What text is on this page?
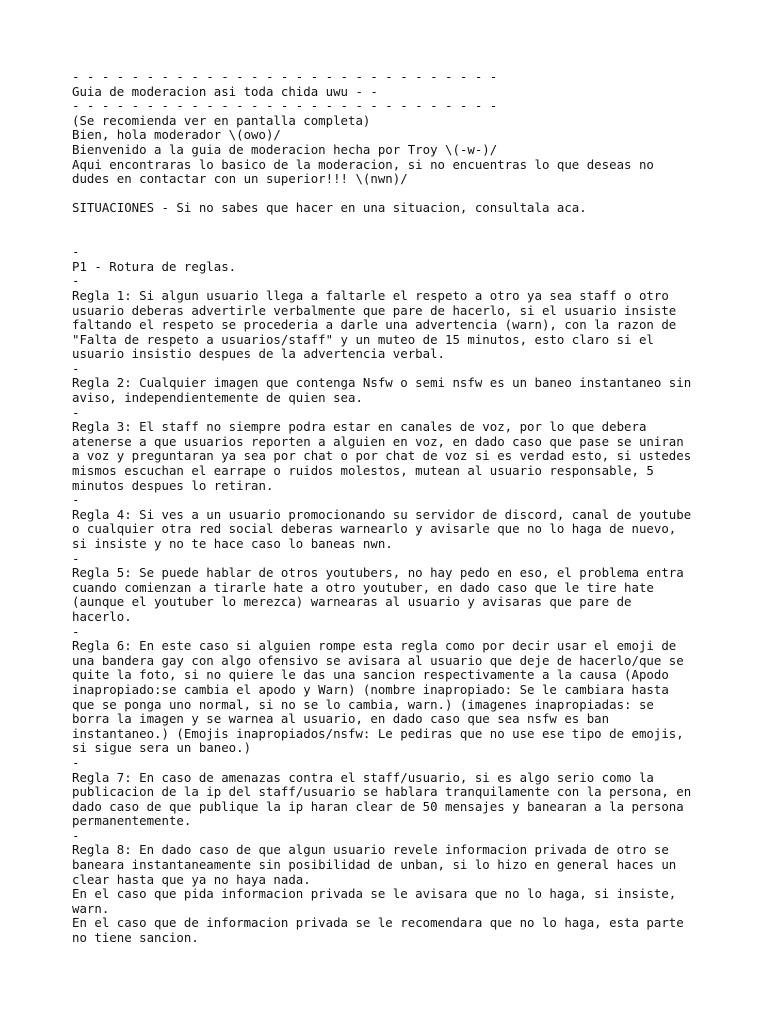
- - - - - - - - - - - - - - - - - - - - - - - - - - - - -
Guia de moderacion asi toda chida uwu - -
- - - - - - - - - - - - - - - - - - - - - - - - - - - - -
(Se recomienda ver en pantalla completa)
Bien, hola moderador \(owo)/
Bienvenido a la guia de moderacion hecha por Troy \(-w-)/
Aqui encontraras lo basico de la moderacion, si no encuentras lo que deseas no
dudes en contactar con un superior!!! \(nwn)/
SITUACIONES - Si no sabes que hacer en una situacion, consultala aca.
-
P1 - Rotura de reglas.
-
Regla 1: Si algun usuario llega a faltarle el respeto a otro ya sea staff o otro
usuario deberas advertirle verbalmente que pare de hacerlo, si el usuario insiste
faltando el respeto se procederia a darle una advertencia (warn), con la razon de
"Falta de respeto a usuarios/staff" y un muteo de 15 minutos, esto claro si el
usuario insistio despues de la advertencia verbal.
-
Regla 2: Cualquier imagen que contenga Nsfw o semi nsfw es un baneo instantaneo sin
aviso, independientemente de quien sea.
-
Regla 3: El staff no siempre podra estar en canales de voz, por lo que debera
atenerse a que usuarios reporten a alguien en voz, en dado caso que pase se uniran
a voz y preguntaran ya sea por chat o por chat de voz si es verdad esto, si ustedes
mismos escuchan el earrape o ruidos molestos, mutean al usuario responsable, 5
minutos despues lo retiran.
-
Regla 4: Si ves a un usuario promocionando su servidor de discord, canal de youtube
o cualquier otra red social deberas warnearlo y avisarle que no lo haga de nuevo,
si insiste y no te hace caso lo baneas nwn.
-
Regla 5: Se puede hablar de otros youtubers, no hay pedo en eso, el problema entra
cuando comienzan a tirarle hate a otro youtuber, en dado caso que le tire hate
(aunque el youtuber lo merezca) warnearas al usuario y avisaras que pare de
hacerlo.
-
Regla 6: En este caso si alguien rompe esta regla como por decir usar el emoji de
una bandera gay con algo ofensivo se avisara al usuario que deje de hacerlo/que se
quite la foto, si no quiere le das una sancion respectivamente a la causa (Apodo
inapropiado:se cambia el apodo y Warn) (nombre inapropiado: Se le cambiara hasta
que se ponga uno normal, si no se lo cambia, warn.) (imagenes inapropiadas: se
borra la imagen y se warnea al usuario, en dado caso que sea nsfw es ban
instantaneo.) (Emojis inapropiados/nsfw: Le pediras que no use ese tipo de emojis,
si sigue sera un baneo.)
-
Regla 7: En caso de amenazas contra el staff/usuario, si es algo serio como la
publicacion de la ip del staff/usuario se hablara tranquilamente con la persona, en
dado caso de que publique la ip haran clear de 50 mensajes y banearan a la persona
permanentemente.
-
Regla 8: En dado caso de que algun usuario revele informacion privada de otro se
baneara instantaneamente sin posibilidad de unban, si lo hizo en general haces un
clear hasta que ya no haya nada.
En el caso que pida informacion privada se le avisara que no lo haga, si insiste,
warn.
En el caso que de informacion privada se le recomendara que no lo haga, esta parte
no tiene sancion.
